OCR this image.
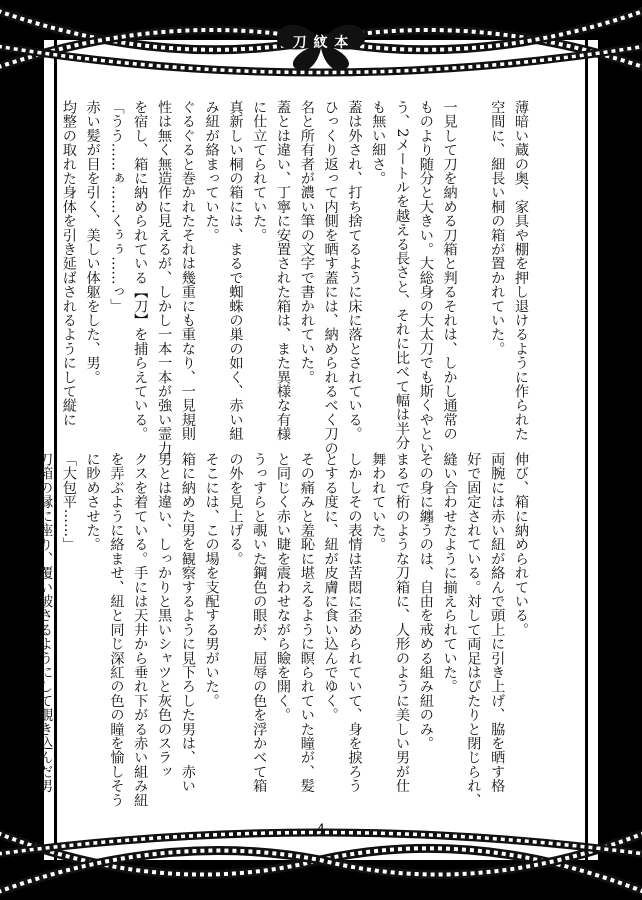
刀 紋 本
薄暗い蔵の奥、家具や棚を押し退けるように作られた
空間に、細長い桐の箱が置かれていた。

一見して刀を納める刀箱と判るそれは、しかし通常の
ものより随分と大きい。大総身の大太刀でも斯くやとい
う、2メートルを越える長さと、それに比べて幅は半分
も無い細さ。
蓋は外され、打ち捨てるように床に落とされている。
ひっくり返って内側を晒す蓋には、納められるべく刀の
名と所有者が濃い筆の文字で書かれていた。
蓋とは違い、丁寧に安置された箱は、また異様な有様
に仕立てられていた。
真新しい桐の箱には、まるで蜘蛛の巣の如く、赤い組
み紐が絡まっていた。
ぐるぐると巻かれたそれは幾重にも重なり、一見規則
性は無く無造作に見えるが、しかし一本一本が強い霊力
を宿し、箱に納められている【刀】を捕らえている。
「うう……ぁ……くぅぅ……っ」
赤い髪が目を引く、美しい体躯をした、男。
均整の取れた身体を引き延ばされるようにして縦に
伸び、箱に納められている。
両腕には赤い紐が絡んで頭上に引き上げ、脇を晒す格
好で固定されている。対して両足はぴたりと閉じられ、
縫い合わせたように揃えられていた。
その身に纏うのは、自由を戒める組み紐のみ。
まるで桁のような刀箱に、人形のように美しい男が仕
舞われていた。
しかしその表情は苦悶に歪められていて、身を捩ろう
とする度に、紐が皮膚に食い込んでゆく。
その痛みと羞恥に堪えるように瞑られていた瞳が、髪
と同じく赤い睫を震わせながら瞼を開く。
うっすらと覗いた鋼色の眼が、屈辱の色を浮かべて箱
の外を見上げる。
そこには、この場を支配する男がいた。
箱に納めた男を観察するように見下ろした男は、赤い
男とは違い、しっかりと黒いシャツと灰色のスラッ
クスを着ている。手には天井から垂れ下がる赤い組み紐
を弄ぶように絡ませ、紐と同じ深紅の色の瞳を愉しそう
に眇めさせた。
「大包平……」
刀箱の縁に座り、覆い被さるようにして覗き込んだ男
4
